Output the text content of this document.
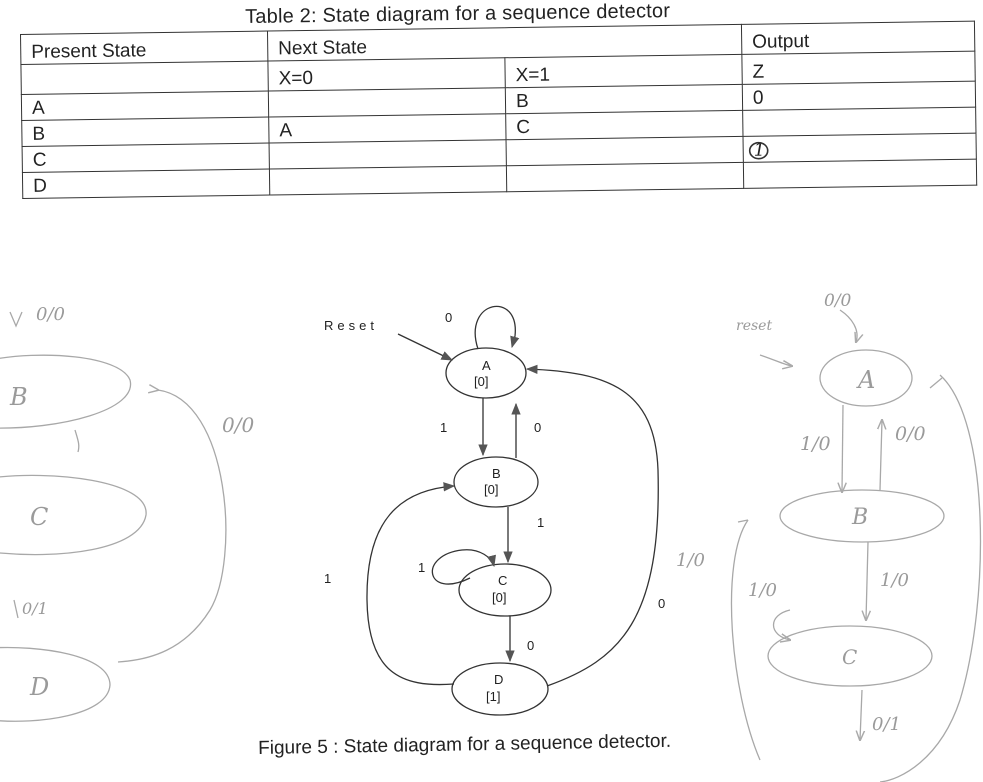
Table 2: State diagram for a sequence detector
Present State	Next State		Output
	X=0	X=1	Z
A		B	0
B	A	C	
C			1

D			
Reset
A
[0]
B
[0]
C
[0]
D
[1]
0
1	0
1
1
0
1
0
0/0
B
C
D
0/0
0/1
reset
0/0
A
B
C
1/0	0/0
1/0
1/0	1/0
0/1
Figure 5 : State diagram for a sequence detector.
